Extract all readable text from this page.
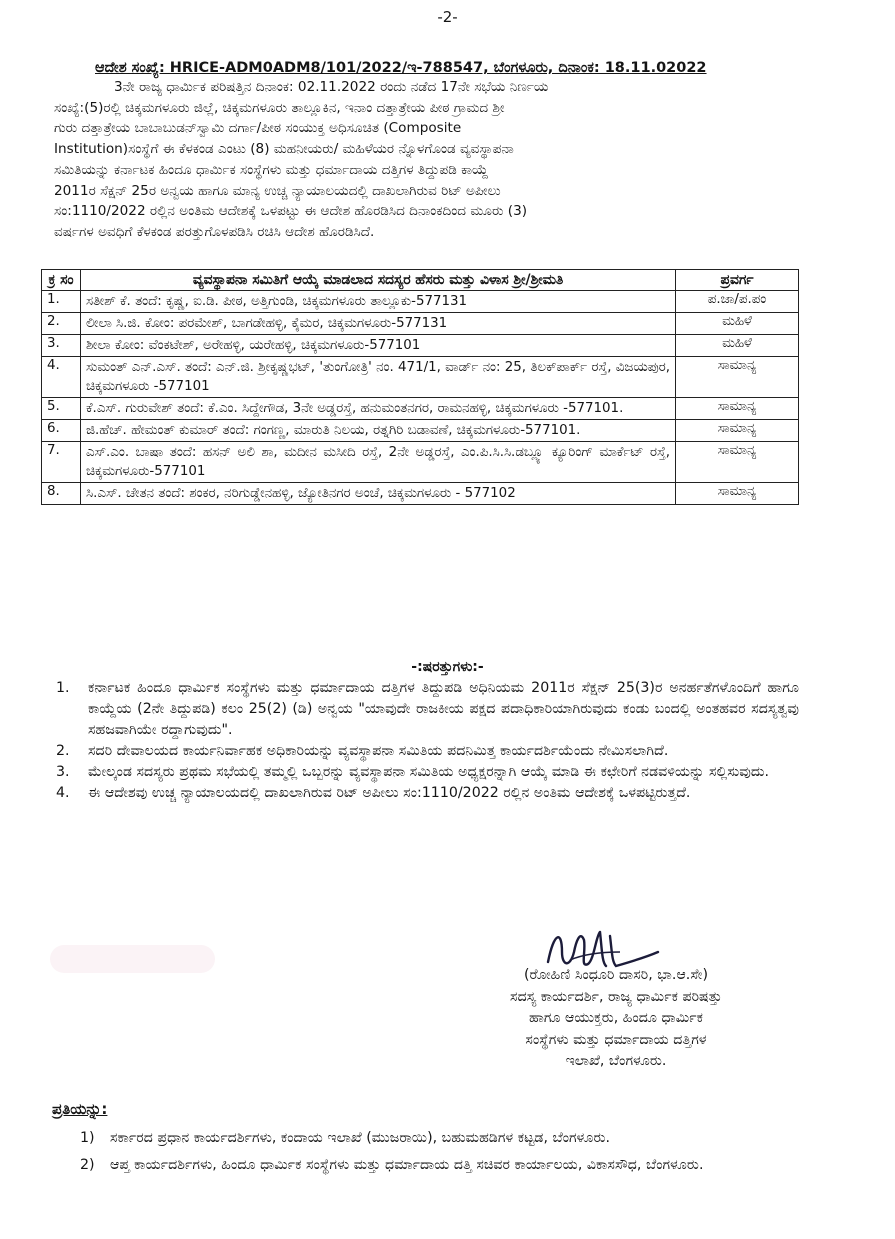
-2-
ಆದೇಶ ಸಂಖ್ಯೆ: HRICE-ADM0ADM8/101/2022/ಇ-788547, ಬೆಂಗಳೂರು, ದಿನಾಂಕ: 18.11.02022
3ನೇ ರಾಜ್ಯ ಧಾರ್ಮಿಕ ಪರಿಷತ್ತಿನ ದಿನಾಂಕ: 02.11.2022 ರಂದು ನಡೆದ 17ನೇ ಸಭೆಯ ನಿರ್ಣಯ
ಸಂಖ್ಯೆ:(5)ರಲ್ಲಿ ಚಿಕ್ಕಮಗಳೂರು ಜಿಲ್ಲೆ, ಚಿಕ್ಕಮಗಳೂರು ತಾಲ್ಲೂಕಿನ, ಇನಾಂ ದತ್ತಾತ್ರೇಯ ಪೀಠ ಗ್ರಾಮದ ಶ್ರೀ
ಗುರು ದತ್ತಾತ್ರೇಯ ಬಾಬಾಬುಡನ್‌ಸ್ವಾಮಿ ದರ್ಗಾ/ಪೀಠ ಸಂಯುಕ್ತ ಅಧಿಸೂಚಿತ (Composite
Institution)ಸಂಸ್ಥೆಗೆ ಈ ಕೆಳಕಂಡ ಎಂಟು (8) ಮಹನೀಯರು/ ಮಹಿಳೆಯರ ನ್ನೊಳಗೊಂಡ ವ್ಯವಸ್ಥಾಪನಾ
ಸಮಿತಿಯನ್ನು ಕರ್ನಾಟಕ ಹಿಂದೂ ಧಾರ್ಮಿಕ ಸಂಸ್ಥೆಗಳು ಮತ್ತು ಧರ್ಮಾದಾಯ ದತ್ತಿಗಳ ತಿದ್ದುಪಡಿ ಕಾಯ್ದೆ
2011ರ ಸೆಕ್ಷನ್ 25ರ ಅನ್ವಯ ಹಾಗೂ ಮಾನ್ಯ ಉಚ್ಚ ನ್ಯಾಯಾಲಯದಲ್ಲಿ ದಾಖಲಾಗಿರುವ ರಿಟ್ ಅಪೀಲು
ಸಂ:1110/2022 ರಲ್ಲಿನ ಅಂತಿಮ ಆದೇಶಕ್ಕೆ ಒಳಪಟ್ಟು ಈ ಆದೇಶ ಹೊರಡಿಸಿದ ದಿನಾಂಕದಿಂದ ಮೂರು (3)
ವರ್ಷಗಳ ಅವಧಿಗೆ ಕೆಳಕಂಡ ಪರತ್ತುಗೊಳಪಡಿಸಿ ರಚಿಸಿ ಆದೇಶ ಹೊರಡಿಸಿದೆ.
ಕ್ರ ಸಂ	ವ್ಯವಸ್ಥಾಪನಾ ಸಮಿತಿಗೆ ಆಯ್ಕೆ ಮಾಡಲಾದ ಸದಸ್ಯರ ಹೆಸರು ಮತ್ತು ವಿಳಾಸ ಶ್ರೀ/ಶ್ರೀಮತಿ	ಪ್ರವರ್ಗ
1.	ಸತೀಶ್ ಕೆ. ತಂದೆ: ಕೃಷ್ಣ, ಐ.ಡಿ. ಪೀಠ, ಅತ್ತಿಗುಂಡಿ, ಚಿಕ್ಕಮಗಳೂರು ತಾಲ್ಲೂಕು-577131	ಪ.ಜಾ/ಪ.ಪಂ
2.	ಲೀಲಾ ಸಿ.ಜಿ. ಕೋಂ: ಪರಮೇಶ್, ಬಾಗಡೇಹಳ್ಳಿ, ಕೈಮರ, ಚಿಕ್ಕಮಗಳೂರು-577131	ಮಹಿಳೆ
3.	ಶೀಲಾ ಕೋಂ: ವೆಂಕಟೇಶ್, ಅರೇಹಳ್ಳಿ, ಯರೇಹಳ್ಳಿ, ಚಿಕ್ಕಮಗಳೂರು-577101	ಮಹಿಳೆ
4.	ಸುಮಂತ್ ಎನ್.ಎಸ್. ತಂದೆ: ಎನ್.ಜಿ. ಶ್ರೀಕೃಷ್ಣಭಟ್, 'ತುಂಗೋತ್ರಿ' ನಂ. 471/1, ವಾರ್ಡ್ ನಂ: 25, ತಿಲಕ್‌ಪಾರ್ಕ್ ರಸ್ತೆ, ವಿಜಯಪುರ, ಚಿಕ್ಕಮಗಳೂರು -577101	ಸಾಮಾನ್ಯ
5.	ಕೆ.ಎಸ್. ಗುರುವೇಶ್ ತಂದೆ: ಕೆ.ಎಂ. ಸಿದ್ದೇಗೌಡ, 3ನೇ ಅಡ್ಡರಸ್ತೆ, ಹನುಮಂತನಗರ, ರಾಮನಹಳ್ಳಿ, ಚಿಕ್ಕಮಗಳೂರು -577101.	ಸಾಮಾನ್ಯ
6.	ಜಿ.ಹೆಚ್. ಹೇಮಂತ್ ಕುಮಾರ್ ತಂದೆ: ಗಂಗಣ್ಣ, ಮಾರುತಿ ನಿಲಯ, ರತ್ನಗಿರಿ ಬಡಾವಣೆ, ಚಿಕ್ಕಮಗಳೂರು-577101.	ಸಾಮಾನ್ಯ
7.	ಎಸ್.ಎಂ. ಬಾಷಾ ತಂದೆ: ಹಸನ್ ಅಲಿ ಶಾ, ಮದೀನ ಮಸೀದಿ ರಸ್ತೆ, 2ನೇ ಅಡ್ಡರಸ್ತೆ, ಎಂ.ಪಿ.ಸಿ.ಸಿ.ಡಬ್ಲ್ಯೂ ಕ್ಯೂರಿಂಗ್ ಮಾರ್ಕೆಟ್ ರಸ್ತೆ, ಚಿಕ್ಕಮಗಳೂರು-577101	ಸಾಮಾನ್ಯ
8.	ಸಿ.ಎಸ್. ಚೇತನ ತಂದೆ: ಶಂಕರ, ನರಿಗುಡ್ಡೇನಹಳ್ಳಿ, ಜ್ಯೋತಿನಗರ ಅಂಚೆ, ಚಿಕ್ಕಮಗಳೂರು - 577102	ಸಾಮಾನ್ಯ
-:ಷರತ್ತುಗಳು:-
1. ಕರ್ನಾಟಕ ಹಿಂದೂ ಧಾರ್ಮಿಕ ಸಂಸ್ಥೆಗಳು ಮತ್ತು ಧರ್ಮಾದಾಯ ದತ್ತಿಗಳ ತಿದ್ದುಪಡಿ ಅಧಿನಿಯಮ 2011ರ ಸೆಕ್ಷನ್ 25(3)ರ ಅನರ್ಹತೆಗಳೊಂದಿಗೆ ಹಾಗೂ ಕಾಯ್ದೆಯ (2ನೇ ತಿದ್ದುಪಡಿ) ಕಲಂ 25(2) (ಡಿ) ಅನ್ವಯ "ಯಾವುದೇ ರಾಜಕೀಯ ಪಕ್ಷದ ಪದಾಧಿಕಾರಿಯಾಗಿರುವುದು ಕಂಡು ಬಂದಲ್ಲಿ ಅಂತಹವರ ಸದಸ್ಯತ್ವವು ಸಹಜವಾಗಿಯೇ ರದ್ದಾಗುವುದು".
2. ಸದರಿ ದೇವಾಲಯದ ಕಾರ್ಯನಿರ್ವಾಹಕ ಅಧಿಕಾರಿಯನ್ನು ವ್ಯವಸ್ಥಾಪನಾ ಸಮಿತಿಯ ಪದನಿಮಿತ್ತ ಕಾರ್ಯದರ್ಶಿಯೆಂದು ನೇಮಿಸಲಾಗಿದೆ.
3. ಮೇಲ್ಕಂಡ ಸದಸ್ಯರು ಪ್ರಥಮ ಸಭೆಯಲ್ಲಿ ತಮ್ಮಲ್ಲಿ ಒಬ್ಬರನ್ನು ವ್ಯವಸ್ಥಾಪನಾ ಸಮಿತಿಯ ಅಧ್ಯಕ್ಷರನ್ನಾಗಿ ಆಯ್ಕೆ ಮಾಡಿ ಈ ಕಛೇರಿಗೆ ನಡವಳಿಯನ್ನು ಸಲ್ಲಿಸುವುದು.
4. ಈ ಆದೇಶವು ಉಚ್ಚ ನ್ಯಾಯಾಲಯದಲ್ಲಿ ದಾಖಲಾಗಿರುವ ರಿಟ್ ಅಪೀಲು ಸಂ:1110/2022 ರಲ್ಲಿನ ಅಂತಿಮ ಆದೇಶಕ್ಕೆ ಒಳಪಟ್ಟಿರುತ್ತದೆ.
(ರೋಹಿಣಿ ಸಿಂಧೂರಿ ದಾಸರಿ, ಭಾ.ಆ.ಸೇ)
ಸದಸ್ಯ ಕಾರ್ಯದರ್ಶಿ, ರಾಜ್ಯ ಧಾರ್ಮಿಕ ಪರಿಷತ್ತು
ಹಾಗೂ ಆಯುಕ್ತರು, ಹಿಂದೂ ಧಾರ್ಮಿಕ
ಸಂಸ್ಥೆಗಳು ಮತ್ತು ಧರ್ಮಾದಾಯ ದತ್ತಿಗಳ
ಇಲಾಖೆ, ಬೆಂಗಳೂರು.
ಪ್ರತಿಯನ್ನು:
1) ಸರ್ಕಾರದ ಪ್ರಧಾನ ಕಾರ್ಯದರ್ಶಿಗಳು, ಕಂದಾಯ ಇಲಾಖೆ (ಮುಜರಾಯಿ), ಬಹುಮಹಡಿಗಳ ಕಟ್ಟಡ, ಬೆಂಗಳೂರು.
2) ಆಪ್ತ ಕಾರ್ಯದರ್ಶಿಗಳು, ಹಿಂದೂ ಧಾರ್ಮಿಕ ಸಂಸ್ಥೆಗಳು ಮತ್ತು ಧರ್ಮಾದಾಯ ದತ್ತಿ ಸಚಿವರ ಕಾರ್ಯಾಲಯ, ವಿಕಾಸಸೌಧ, ಬೆಂಗಳೂರು.
